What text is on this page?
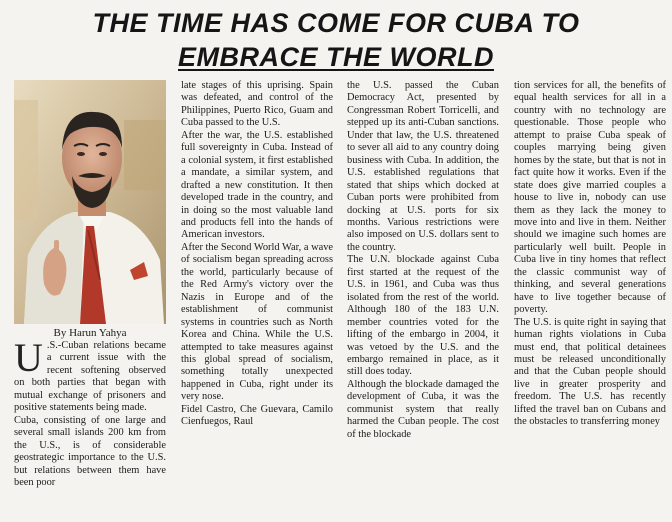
THE TIME HAS COME FOR CUBA TO

EMBRACE THE WORLD
By Harun Yahya

U .S.-Cuban relations became a current issue with the recent softening observed on both parties that began with mutual exchange of prisoners and positive statements being made.

Cuba, consisting of one large and several small islands 200 km from the U.S., is of considerable geostrategic importance to the U.S. but relations between them have been poor

late stages of this uprising. Spain was defeated, and control of the Philippines, Puerto Rico, Guam and Cuba passed to the U.S.

After the war, the U.S. established full sovereignty in Cuba. Instead of a colonial system, it first established a mandate, a similar system, and drafted a new constitution. It then developed trade in the country, and in doing so the most valuable land and products fell into the hands of American investors.

After the Second World War, a wave of socialism began spreading across the world, particularly because of the Red Army's victory over the Nazis in Europe and of the establishment of communist systems in countries such as North Korea and China. While the U.S. attempted to take measures against this global spread of socialism, something totally unexpected happened in Cuba, right under its very nose.

Fidel Castro, Che Guevara, Camilo Cienfuegos, Raul

the U.S. passed the Cuban Democracy Act, presented by Congressman Robert Torricelli, and stepped up its anti-Cuban sanctions. Under that law, the U.S. threatened to sever all aid to any country doing business with Cuba. In addition, the U.S. established regulations that stated that ships which docked at Cuban ports were prohibited from docking at U.S. ports for six months. Various restrictions were also imposed on U.S. dollars sent to the country.

The U.N. blockade against Cuba first started at the request of the U.S. in 1961, and Cuba was thus isolated from the rest of the world. Although 180 of the 183 U.N. member countries voted for the lifting of the embargo in 2004, it was vetoed by the U.S. and the embargo remained in place, as it still does today.

Although the blockade damaged the development of Cuba, it was the communist system that really harmed the Cuban people. The cost of the blockade

tion services for all, the benefits of equal health services for all in a country with no technology are questionable. Those people who attempt to praise Cuba speak of couples marrying being given homes by the state, but that is not in fact quite how it works. Even if the state does give married couples a house to live in, nobody can use them as they lack the money to move into and live in them. Neither should we imagine such homes are particularly well built. People in Cuba live in tiny homes that reflect the classic communist way of thinking, and several generations have to live together because of poverty.

The U.S. is quite right in saying that human rights violations in Cuba must end, that political detainees must be released unconditionally and that the Cuban people should live in greater prosperity and freedom. The U.S. has recently lifted the travel ban on Cubans and the obstacles to transferring money
